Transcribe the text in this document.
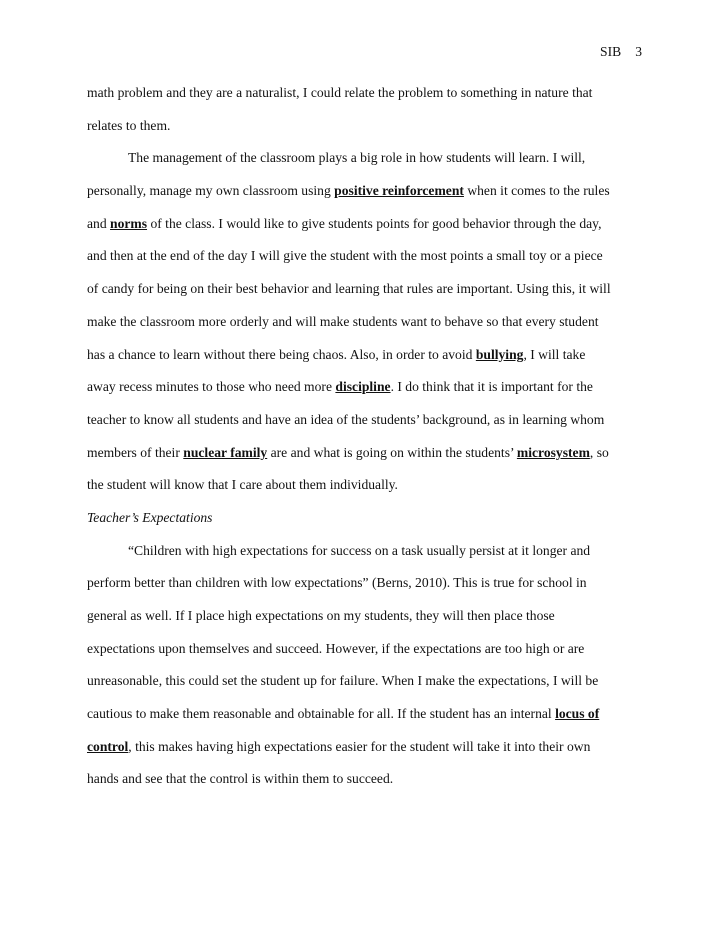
SIB 3
math problem and they are a naturalist, I could relate the problem to something in nature that
relates to them.
The management of the classroom plays a big role in how students will learn. I will,
personally, manage my own classroom using positive reinforcement when it comes to the rules
and norms of the class. I would like to give students points for good behavior through the day,
and then at the end of the day I will give the student with the most points a small toy or a piece
of candy for being on their best behavior and learning that rules are important. Using this, it will
make the classroom more orderly and will make students want to behave so that every student
has a chance to learn without there being chaos. Also, in order to avoid bullying, I will take
away recess minutes to those who need more discipline. I do think that it is important for the
teacher to know all students and have an idea of the students’ background, as in learning whom
members of their nuclear family are and what is going on within the students’ microsystem, so
the student will know that I care about them individually.
Teacher’s Expectations
“Children with high expectations for success on a task usually persist at it longer and
perform better than children with low expectations” (Berns, 2010). This is true for school in
general as well. If I place high expectations on my students, they will then place those
expectations upon themselves and succeed. However, if the expectations are too high or are
unreasonable, this could set the student up for failure. When I make the expectations, I will be
cautious to make them reasonable and obtainable for all. If the student has an internal locus of
control, this makes having high expectations easier for the student will take it into their own
hands and see that the control is within them to succeed.
